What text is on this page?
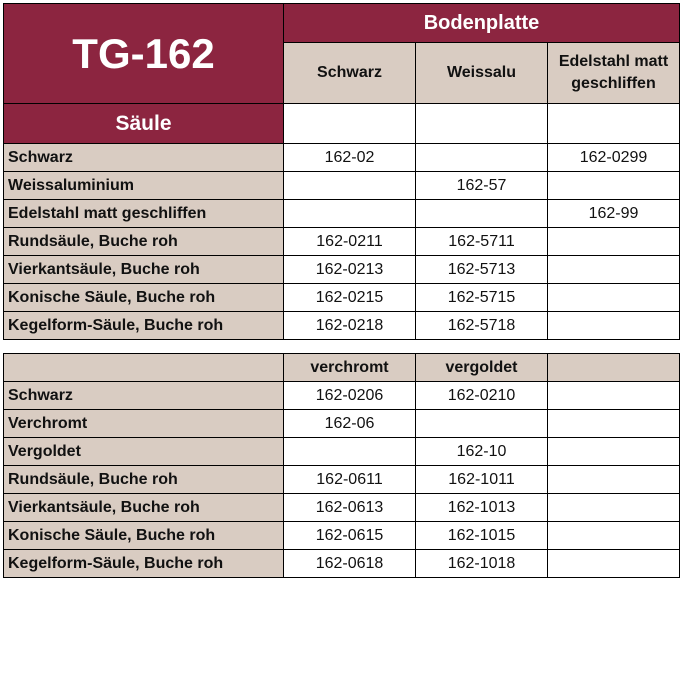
TG-162	Bodenplatte		
	Schwarz	Weissalu	Edelstahl matt geschliffen
Säule			
Schwarz	162-02		162-0299
Weissaluminium		162-57	
Edelstahl matt geschliffen			162-99
Rundsäule, Buche roh	162-0211	162-5711	
Vierkantsäule, Buche roh	162-0213	162-5713	
Konische Säule, Buche roh	162-0215	162-5715	
Kegelform-Säule, Buche roh	162-0218	162-5718	
	verchromt	vergoldet	
Schwarz	162-0206	162-0210	
Verchromt	162-06		
Vergoldet		162-10	
Rundsäule, Buche roh	162-0611	162-1011	
Vierkantsäule, Buche roh	162-0613	162-1013	
Konische Säule, Buche roh	162-0615	162-1015	
Kegelform-Säule, Buche roh	162-0618	162-1018	
